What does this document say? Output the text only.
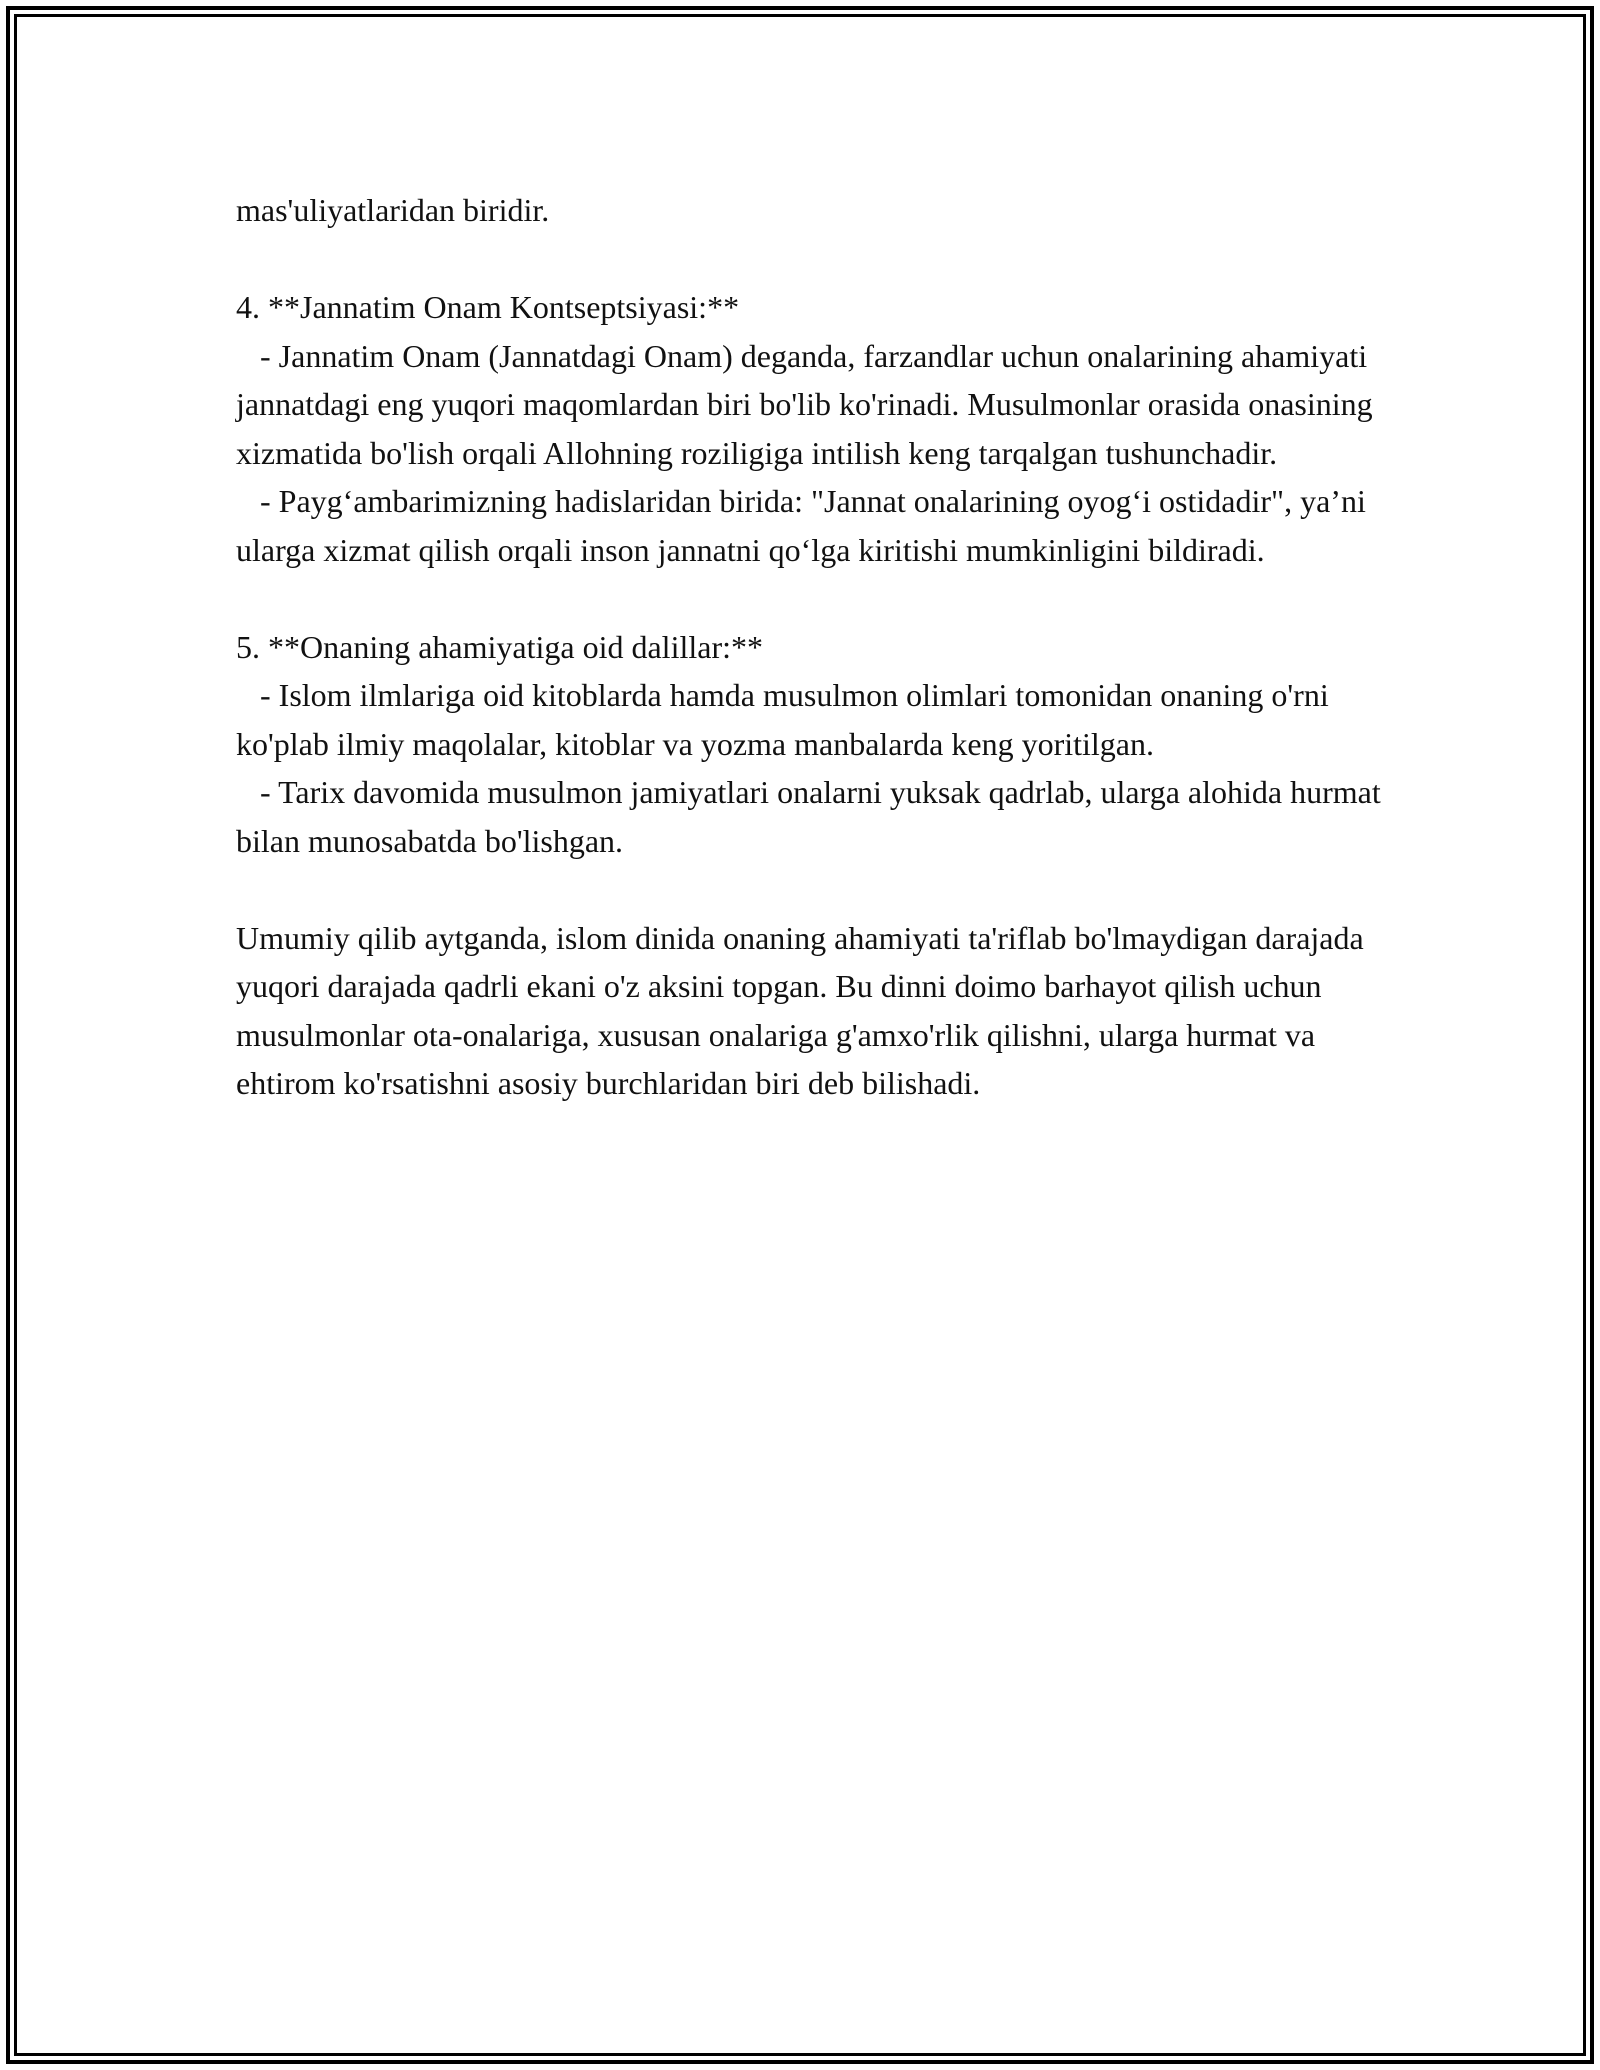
mas'uliyatlaridan biridir.

4. **Jannatim Onam Kontseptsiyasi:**

- Jannatim Onam (Jannatdagi Onam) deganda, farzandlar uchun onalarining ahamiyati jannatdagi eng yuqori maqomlardan biri bo'lib ko'rinadi. Musulmonlar orasida onasining xizmatida bo'lish orqali Allohning roziligiga intilish keng tarqalgan tushunchadir.

- Payg‘ambarimizning hadislaridan birida: "Jannat onalarining oyog‘i ostidadir", ya’ni ularga xizmat qilish orqali inson jannatni qo‘lga kiritishi mumkinligini bildiradi.

5. **Onaning ahamiyatiga oid dalillar:**

- Islom ilmlariga oid kitoblarda hamda musulmon olimlari tomonidan onaning o'rni ko'plab ilmiy maqolalar, kitoblar va yozma manbalarda keng yoritilgan.

- Tarix davomida musulmon jamiyatlari onalarni yuksak qadrlab, ularga alohida hurmat bilan munosabatda bo'lishgan.

Umumiy qilib aytganda, islom dinida onaning ahamiyati ta'riflab bo'lmaydigan darajada yuqori darajada qadrli ekani o'z aksini topgan. Bu dinni doimo barhayot qilish uchun musulmonlar ota-onalariga, xususan onalariga g'amxo'rlik qilishni, ularga hurmat va ehtirom ko'rsatishni asosiy burchlaridan biri deb bilishadi.
